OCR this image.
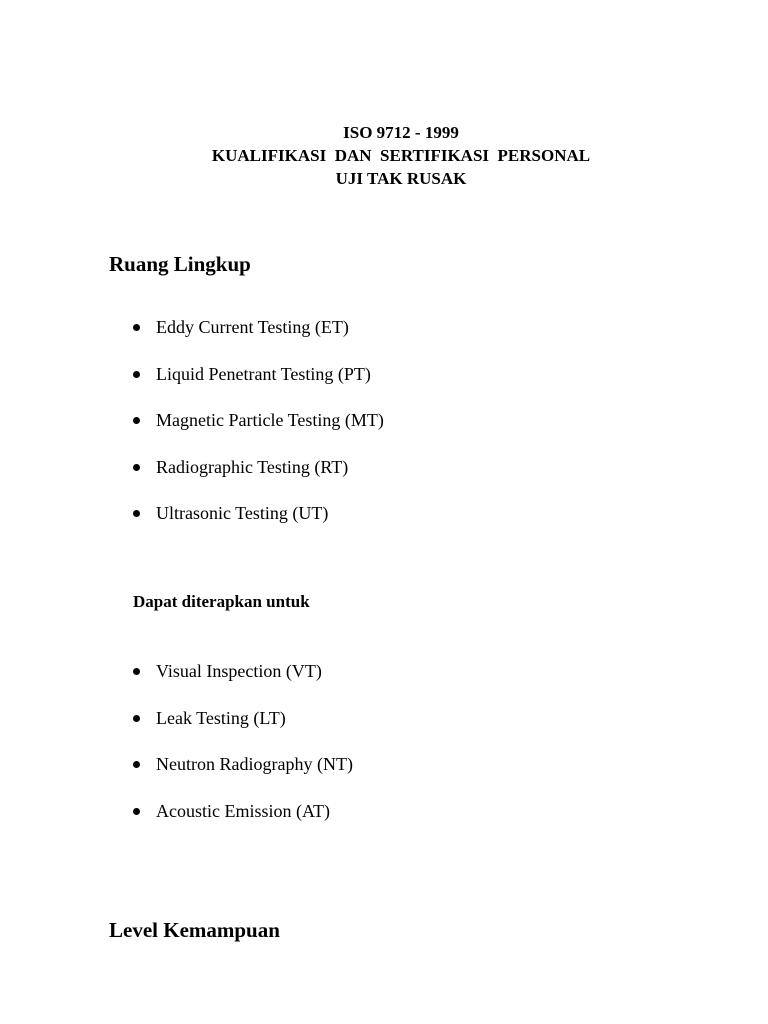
ISO 9712 - 1999
KUALIFIKASI  DAN  SERTIFIKASI  PERSONAL
UJI TAK RUSAK
Ruang Lingkup
Eddy Current Testing (ET)
Liquid Penetrant Testing (PT)
Magnetic Particle Testing (MT)
Radiographic Testing (RT)
Ultrasonic Testing (UT)
Dapat diterapkan untuk
Visual Inspection (VT)
Leak Testing (LT)
Neutron Radiography (NT)
Acoustic Emission (AT)
Level Kemampuan
